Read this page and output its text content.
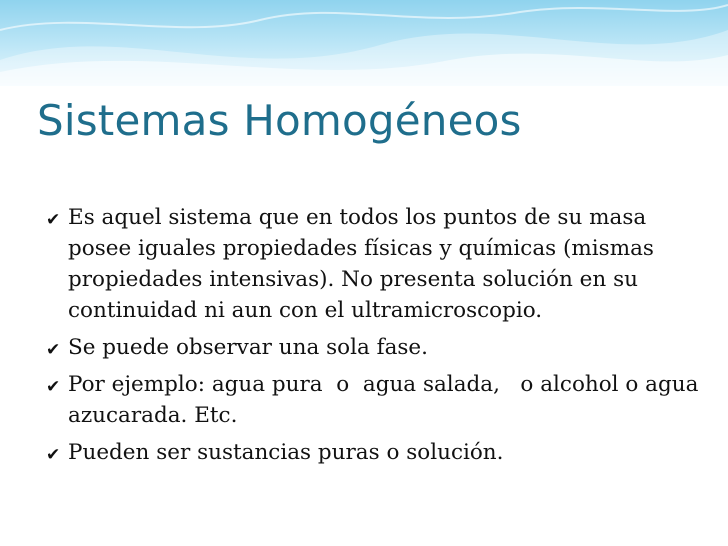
Sistemas Homogéneos
✔ Es aquel sistema que en todos los puntos de su masa posee iguales propiedades físicas y químicas (mismas propiedades intensivas). No presenta solución en su continuidad ni aun con el ultramicroscopio.
✔ Se puede observar una sola fase.
✔ Por ejemplo: agua pura  o  agua salada,   o alcohol o agua azucarada. Etc.
✔ Pueden ser sustancias puras o solución.
